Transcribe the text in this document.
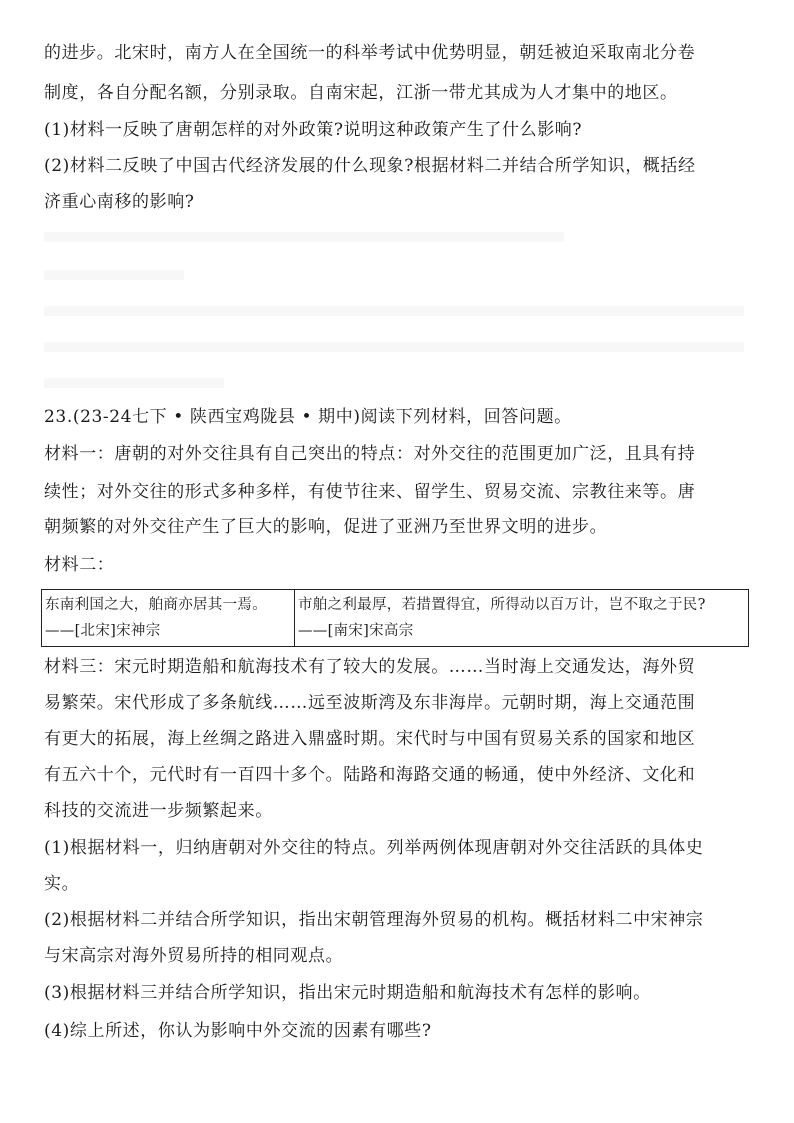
的进步。北宋时，南方人在全国统一的科举考试中优势明显，朝廷被迫采取南北分卷
制度，各自分配名额，分别录取。自南宋起，江浙一带尤其成为人才集中的地区。
(1)材料一反映了唐朝怎样的对外政策?说明这种政策产生了什么影响?
(2)材料二反映了中国古代经济发展的什么现象?根据材料二并结合所学知识，概括经
济重心南移的影响?
23.(23-24七下 • 陕西宝鸡陇县 • 期中)阅读下列材料，回答问题。
材料一：唐朝的对外交往具有自己突出的特点：对外交往的范围更加广泛，且具有持
续性；对外交往的形式多种多样，有使节往来、留学生、贸易交流、宗教往来等。唐
朝频繁的对外交往产生了巨大的影响，促进了亚洲乃至世界文明的进步。
材料二：
东南利国之大，舶商亦居其一焉。
——[北宋]宋神宗

市舶之利最厚，若措置得宜，所得动以百万计，岂不取之于民?
——[南宋]宋高宗
材料三：宋元时期造船和航海技术有了较大的发展。……当时海上交通发达，海外贸
易繁荣。宋代形成了多条航线……远至波斯湾及东非海岸。元朝时期，海上交通范围
有更大的拓展，海上丝绸之路进入鼎盛时期。宋代时与中国有贸易关系的国家和地区
有五六十个，元代时有一百四十多个。陆路和海路交通的畅通，使中外经济、文化和
科技的交流进一步频繁起来。
(1)根据材料一，归纳唐朝对外交往的特点。列举两例体现唐朝对外交往活跃的具体史
实。
(2)根据材料二并结合所学知识，指出宋朝管理海外贸易的机构。概括材料二中宋神宗
与宋高宗对海外贸易所持的相同观点。
(3)根据材料三并结合所学知识，指出宋元时期造船和航海技术有怎样的影响。
(4)综上所述，你认为影响中外交流的因素有哪些?
